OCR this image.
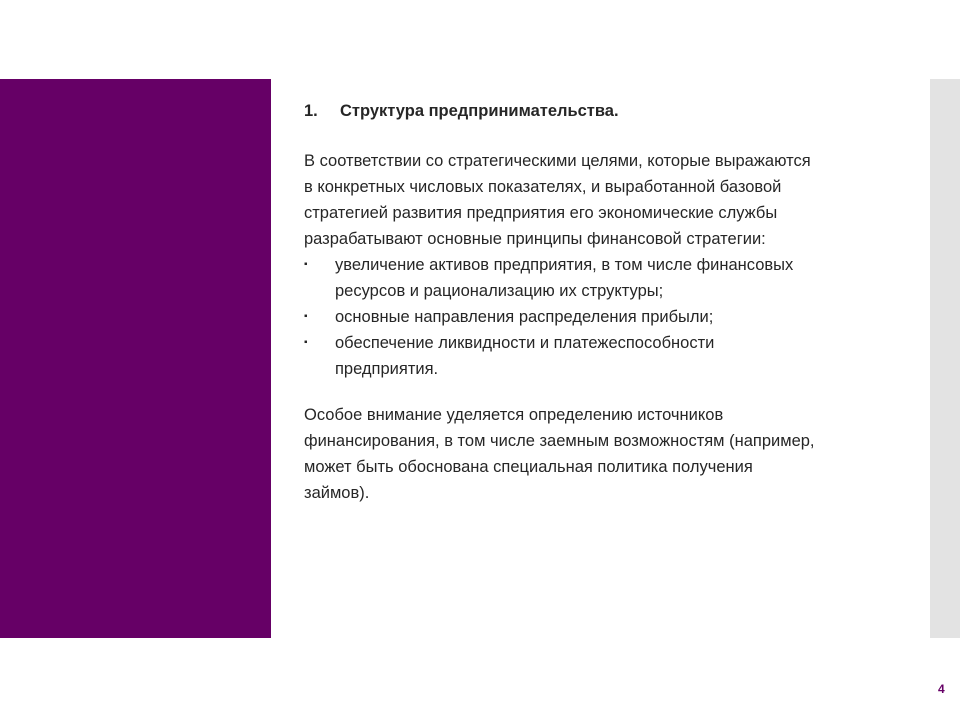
1.	Структура предпринимательства.

В соответствии со стратегическими целями, которые выражаются
в конкретных числовых показателях, и выработанной базовой
стратегией развития предприятия его экономические службы
разрабатывают основные принципы финансовой стратегии:

▪	увеличение активов предприятия, в том числе финансовых
ресурсов и рационализацию их структуры;
▪	основные направления распределения прибыли;
▪	обеспечение ликвидности и платежеспособности
предприятия.

Особое внимание уделяется определению источников
финансирования, в том числе заемным возможностям (например,
может быть обоснована специальная политика получения
займов).

4
